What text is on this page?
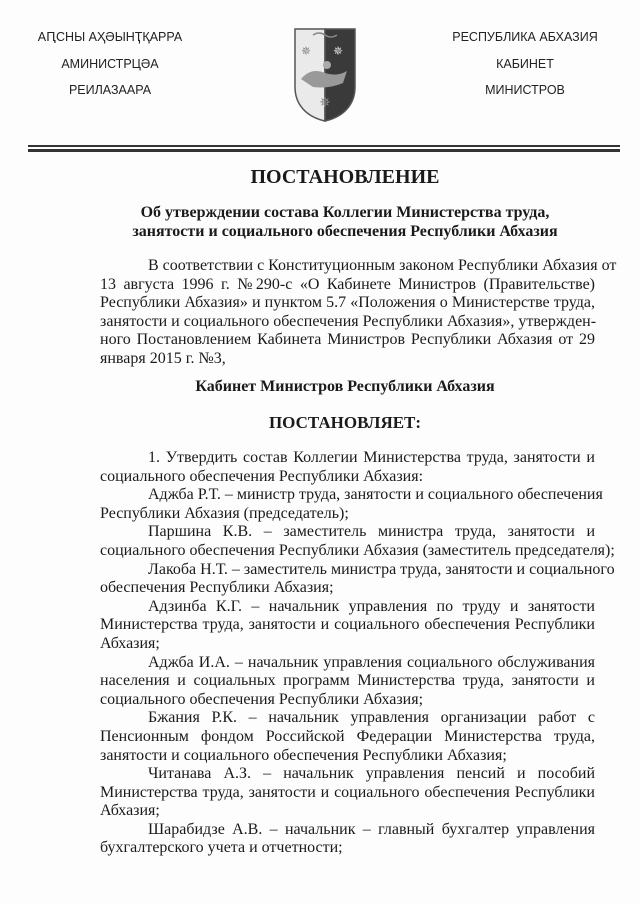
АԤСНЫ АҲӘЫНҬҚАРРА
АМИНИСТРЦӘА
РЕИЛАЗААРА
✵ ✵
✵
РЕСПУБЛИКА АБХАЗИЯ
КАБИНЕТ
МИНИСТРОВ
ПОСТАНОВЛЕНИЕ
Об утверждении состава Коллегии Министерства труда,
занятости и социального обеспечения Республики Абхазия
В соответствии с Конституционным законом Республики Абхазия от
13 августа 1996 г. №290-с «О Кабинете Министров (Правительстве)
Республики Абхазия» и пунктом 5.7 «Положения о Министерстве труда,
занятости и социального обеспечения Республики Абхазия», утвержден-
ного Постановлением Кабинета Министров Республики Абхазия от 29
января 2015 г. №3,
Кабинет Министров Республики Абхазия
ПОСТАНОВЛЯЕТ:
1. Утвердить состав Коллегии Министерства труда, занятости и
социального обеспечения Республики Абхазия:
Аджба Р.Т. – министр труда, занятости и социального обеспечения
Республики Абхазия (председатель);
Паршина К.В. – заместитель министра труда, занятости и
социального обеспечения Республики Абхазия (заместитель председателя);
Лакоба Н.Т. – заместитель министра труда, занятости и социального
обеспечения Республики Абхазия;
Адзинба К.Г. – начальник управления по труду и занятости
Министерства труда, занятости и социального обеспечения Республики
Абхазия;
Аджба И.А. – начальник управления социального обслуживания
населения и социальных программ Министерства труда, занятости и
социального обеспечения Республики Абхазия;
Бжания Р.К. – начальник управления организации работ с
Пенсионным фондом Российской Федерации Министерства труда,
занятости и социального обеспечения Республики Абхазия;
Читанава А.З. – начальник управления пенсий и пособий
Министерства труда, занятости и социального обеспечения Республики
Абхазия;
Шарабидзе А.В. – начальник – главный бухгалтер управления
бухгалтерского учета и отчетности;
